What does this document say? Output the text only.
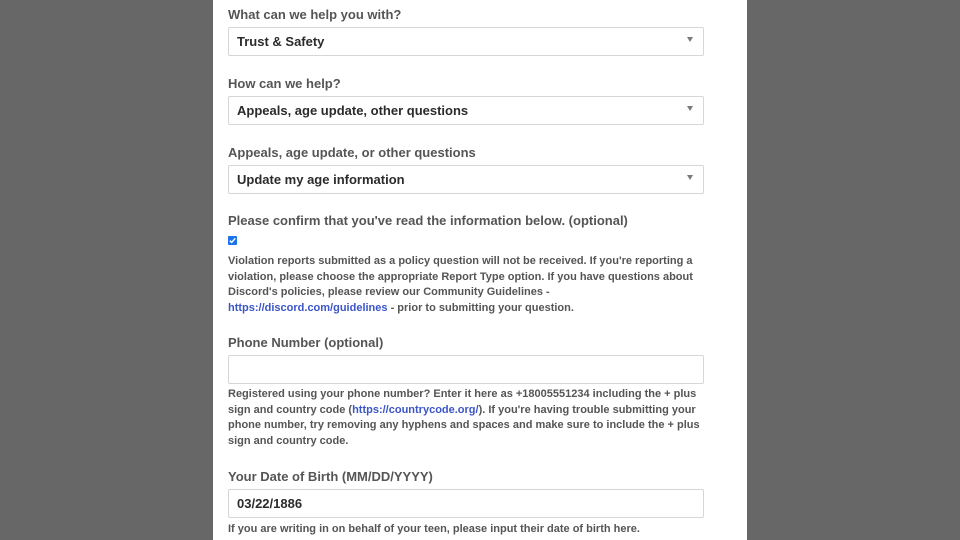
What can we help you with?

Trust & Safety

How can we help?

Appeals, age update, other questions

Appeals, age update, or other questions

Update my age information

Please confirm that you've read the information below. (optional)

Violation reports submitted as a policy question will not be received. If you're reporting a violation, please choose the appropriate Report Type option. If you have questions about Discord's policies, please review our Community Guidelines - https://discord.com/guidelines - prior to submitting your question.

Phone Number (optional)

Registered using your phone number? Enter it here as +18005551234 including the + plus sign and country code (https://countrycode.org/). If you're having trouble submitting your phone number, try removing any hyphens and spaces and make sure to include the + plus sign and country code.

Your Date of Birth (MM/DD/YYYY)

03/22/1886

If you are writing in on behalf of your teen, please input their date of birth here.
